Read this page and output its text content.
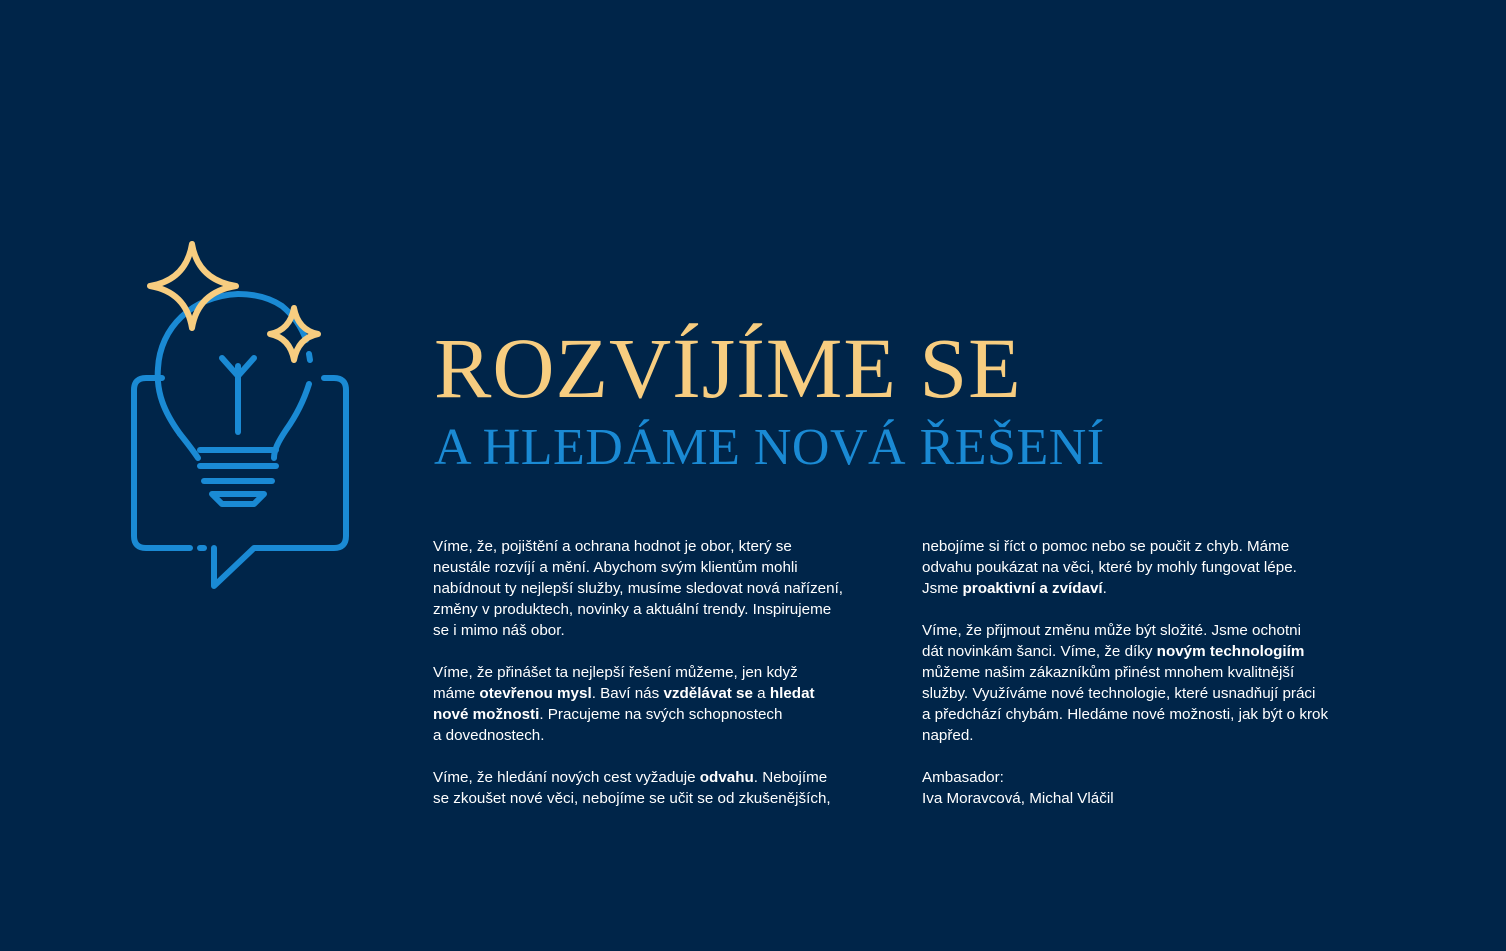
ROZVÍJÍME SE
A HLEDÁME NOVÁ ŘEŠENÍ

Víme, že, pojištění a ochrana hodnot je obor, který se
neustále rozvíjí a mění. Abychom svým klientům mohli
nabídnout ty nejlepší služby, musíme sledovat nová nařízení,
změny v produktech, novinky a aktuální trendy. Inspirujeme
se i mimo náš obor.

Víme, že přinášet ta nejlepší řešení můžeme, jen když
máme otevřenou mysl. Baví nás vzdělávat se a hledat
nové možnosti. Pracujeme na svých schopnostech
a dovednostech.

Víme, že hledání nových cest vyžaduje odvahu. Nebojíme
se zkoušet nové věci, nebojíme se učit se od zkušenějších,

nebojíme si říct o pomoc nebo se poučit z chyb. Máme
odvahu poukázat na věci, které by mohly fungovat lépe.
Jsme proaktivní a zvídaví.

Víme, že přijmout změnu může být složité. Jsme ochotni
dát novinkám šanci. Víme, že díky novým technologiím
můžeme našim zákazníkům přinést mnohem kvalitnější
služby. Využíváme nové technologie, které usnadňují práci
a předchází chybám. Hledáme nové možnosti, jak být o krok
napřed.

Ambasador:
Iva Moravcová, Michal Vláčil
